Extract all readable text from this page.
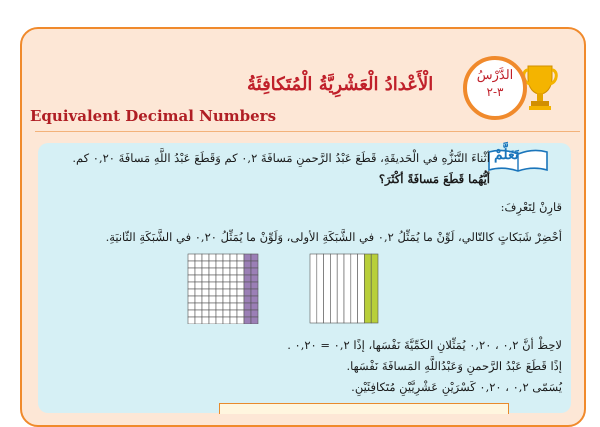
الدَّرْسُ
٣-٢
الْأَعْدادُ الْعَشْرِيَّةُ الْمُتَكافِئَةُ
Equivalent Decimal Numbers
تَعَلَّمْ
أثْناءَ التَّنَزُّهِ في الْحَديقَةِ، قَطَعَ عَبْدُ الرَّحمنِ مَسافَةَ ٠,٢ كم وَقَطَعَ عَبْدُ اللَّهِ مَسافَةَ ٠,٢٠ كم.
أيُّهُما قَطَعَ مَسافَةً أكْثَرَ؟
قارِنْ لِتَعْرِفَ:
أحْضِرْ شَبَكاتٍ كالتّالي، لَوِّنْ ما يُمَثِّلُ ٠,٢ في الشَّبَكَةِ الأولى، وَلَوِّنْ ما يُمَثِّلُ ٠,٢٠ في الشَّبَكَةِ الثّانيَةِ.
لاحِظْ أنَّ ٠,٢ ، ٠,٢٠ يُمَثِّلانِ الكَمِّيَّةَ نَفْسَها، إذًا ٠,٢ = ٠,٢٠ .
إذًا قَطَعَ عَبْدُ الرَّحمنِ وَعَبْدُاللَّهِ المَسافَةَ نَفْسَها.
يُسَمّى ٠,٢ ، ٠,٢٠ كَسْرَيْنِ عَشْرِيَّيْنِ مُتَكافِئَيْنِ.
